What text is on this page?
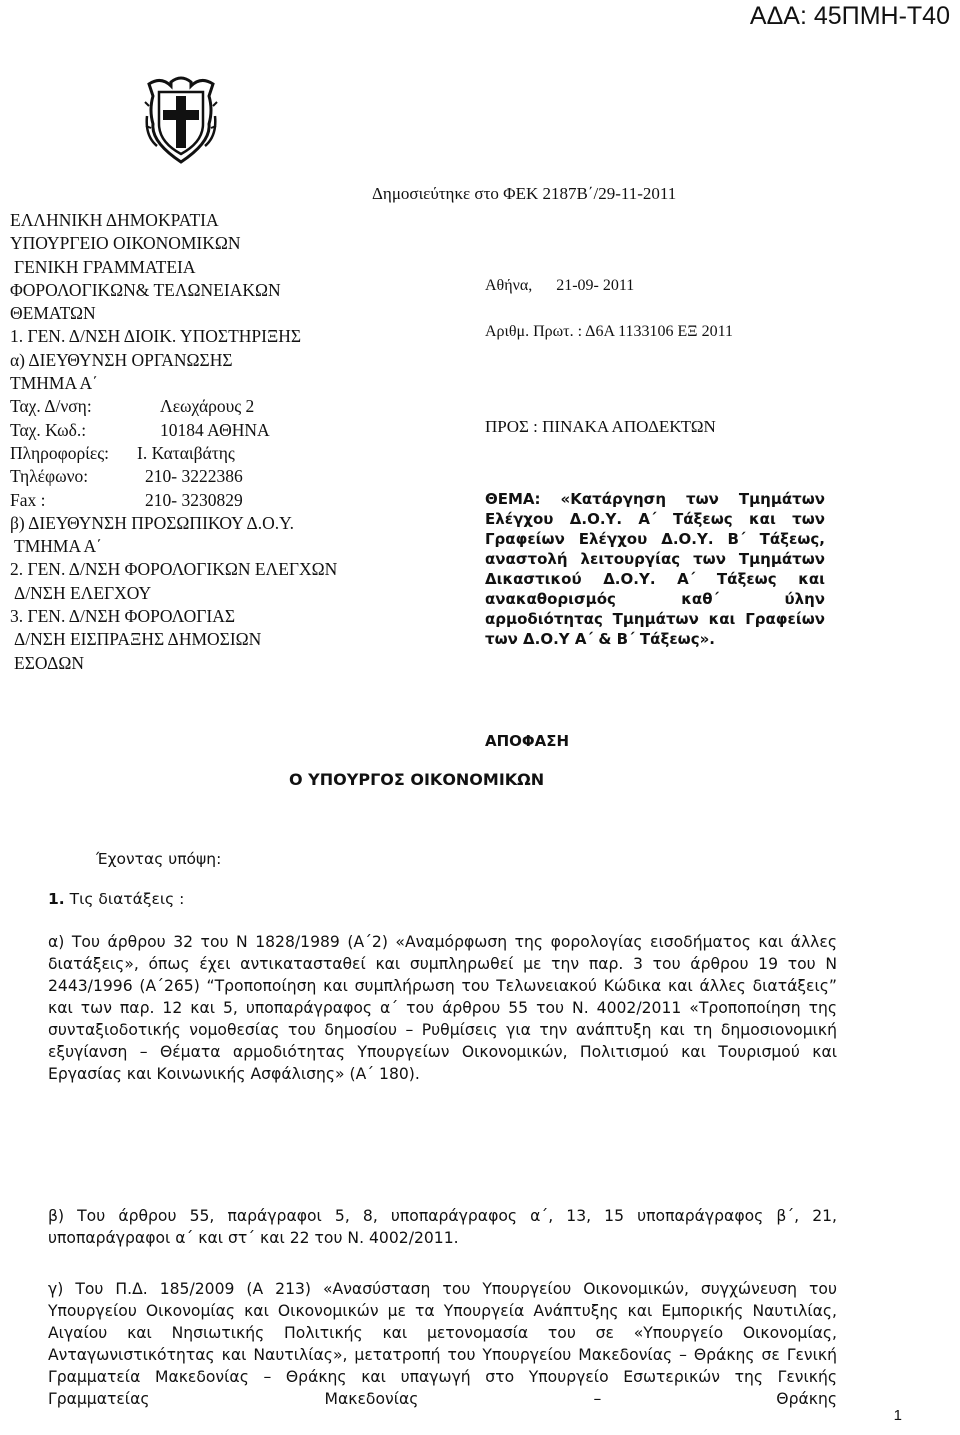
ΑΔΑ: 45ΠΜΗ-Τ40
ΕΛΛΗΝΙΚΗ ΔΗΜΟΚΡΑΤΙΑ
ΥΠΟΥΡΓΕΙΟ ΟΙΚΟΝΟΜΙΚΩΝ
ΓΕΝΙΚΗ ΓΡΑΜΜΑΤΕΙΑ
ΦΟΡΟΛΟΓΙΚΩΝ& ΤΕΛΩΝΕΙΑΚΩΝ
ΘΕΜΑΤΩΝ
1. ΓΕΝ. Δ/ΝΣΗ ΔΙΟΙΚ. ΥΠΟΣΤΗΡΙΞΗΣ
α) ΔΙΕΥΘΥΝΣΗ ΟΡΓΑΝΩΣΗΣ
ΤΜΗΜΑ Α΄
Ταχ. Δ/νση:	Λεωχάρους 2
Ταχ. Κωδ.:	10184 ΑΘΗΝΑ
Πληροφορίες:	Ι. Καταιβάτης
Τηλέφωνο:	210- 3222386
Fax :	210- 3230829
β) ΔΙΕΥΘΥΝΣΗ ΠΡΟΣΩΠΙΚΟΥ Δ.Ο.Υ.
ΤΜΗΜΑ Α΄
2. ΓΕΝ. Δ/ΝΣΗ ΦΟΡΟΛΟΓΙΚΩΝ ΕΛΕΓΧΩΝ
Δ/ΝΣΗ ΕΛΕΓΧΟΥ
3. ΓΕΝ. Δ/ΝΣΗ ΦΟΡΟΛΟΓΙΑΣ
Δ/ΝΣΗ ΕΙΣΠΡΑΞΗΣ ΔΗΜΟΣΙΩΝ
ΕΣΟΔΩΝ
Δημοσιεύτηκε στο ΦΕΚ 2187Β΄/29-11-2011
Αθήνα, 21-09- 2011
Αριθμ. Πρωτ. : Δ6Α 1133106 ΕΞ 2011
ΠΡΟΣ : ΠΙΝΑΚΑ ΑΠΟΔΕΚΤΩΝ
ΘΕΜΑ: «Κατάργηση των Τμημάτων Ελέγχου Δ.Ο.Υ. Α΄ Τάξεως και των Γραφείων Ελέγχου Δ.Ο.Υ. Β΄ Τάξεως, αναστολή λειτουργίας των Τμημάτων Δικαστικού Δ.Ο.Υ. Α΄ Τάξεως και ανακαθορισμός καθ΄ ύλην αρμοδιότητας Τμημάτων και Γραφείων των Δ.Ο.Υ Α΄ & Β΄ Τάξεως».
ΑΠΟΦΑΣΗ
Ο ΥΠΟΥΡΓΟΣ ΟΙΚΟΝΟΜΙΚΩΝ
Έχοντας υπόψη:
1. Τις διατάξεις :
α) Του άρθρου 32 του Ν 1828/1989 (Α΄2) «Αναμόρφωση της φορολογίας εισοδήματος και άλλες διατάξεις», όπως έχει αντικατασταθεί και συμπληρωθεί με την παρ. 3 του άρθρου 19 του Ν 2443/1996 (Α΄265) “Τροποποίηση και συμπλήρωση του Τελωνειακού Κώδικα και άλλες διατάξεις” και των παρ. 12 και 5, υποπαράγραφος α΄ του άρθρου 55 του Ν. 4002/2011 «Τροποποίηση της συνταξιοδοτικής νομοθεσίας του δημοσίου – Ρυθμίσεις για την ανάπτυξη και τη δημοσιονομική εξυγίανση – Θέματα αρμοδιότητας Υπουργείων Οικονομικών, Πολιτισμού και Τουρισμού και Εργασίας και Κοινωνικής Ασφάλισης» (Α΄ 180).
β) Του άρθρου 55, παράγραφοι 5, 8, υποπαράγραφος α΄, 13, 15 υποπαράγραφος β΄, 21, υποπαράγραφοι α΄ και στ΄ και 22 του Ν. 4002/2011.
γ) Του Π.Δ. 185/2009 (Α 213) «Ανασύσταση του Υπουργείου Οικονομικών, συγχώνευση του Υπουργείου Οικονομίας και Οικονομικών με τα Υπουργεία Ανάπτυξης και Εμπορικής Ναυτιλίας, Αιγαίου και Νησιωτικής Πολιτικής και μετονομασία του σε «Υπουργείο Οικονομίας, Ανταγωνιστικότητας και Ναυτιλίας», μετατροπή του Υπουργείου Μακεδονίας – Θράκης σε Γενική Γραμματεία Μακεδονίας – Θράκης και υπαγωγή στο Υπουργείο Εσωτερικών της Γενικής Γραμματείας Μακεδονίας – Θράκης
1
